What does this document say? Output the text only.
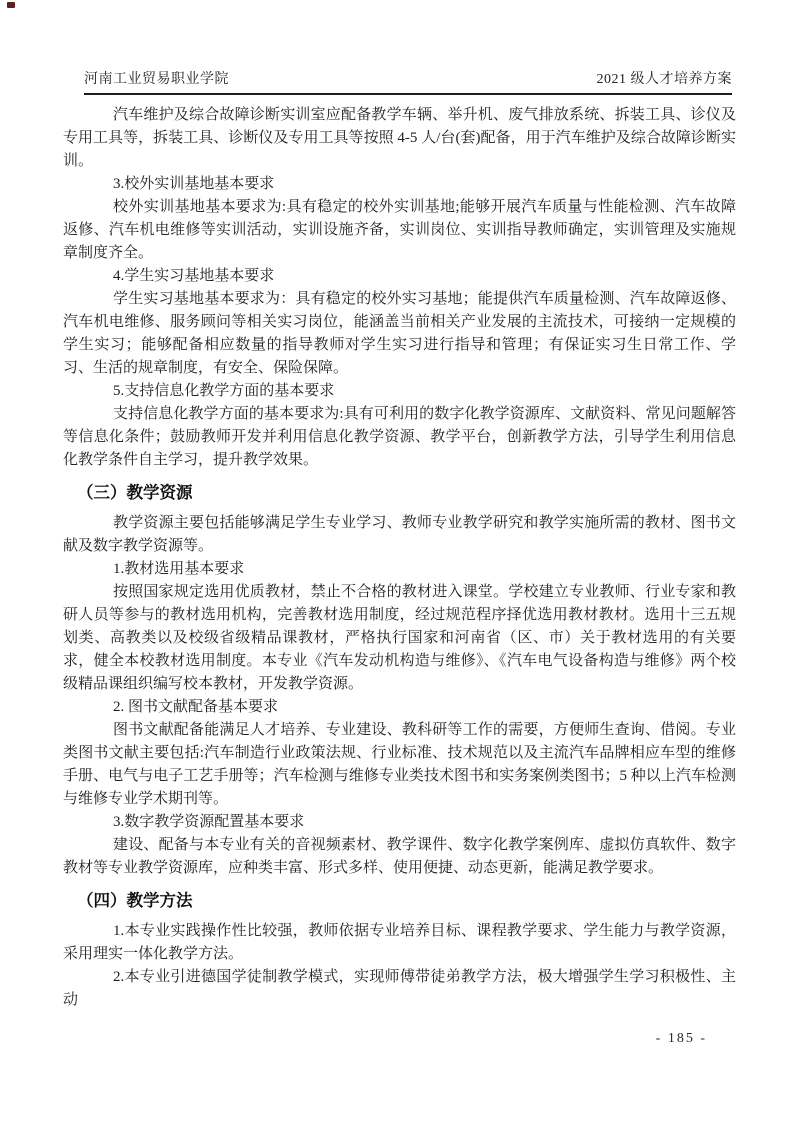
河南工业贸易职业学院	2021 级人才培养方案

汽车维护及综合故障诊断实训室应配备教学车辆、举升机、废气排放系统、拆装工具、诊仪及专用工具等，拆装工具、诊断仪及专用工具等按照 4-5 人/台(套)配备，用于汽车维护及综合故障诊断实训。

3.校外实训基地基本要求

校外实训基地基本要求为:具有稳定的校外实训基地;能够开展汽车质量与性能检测、汽车故障返修、汽车机电维修等实训活动，实训设施齐备，实训岗位、实训指导教师确定，实训管理及实施规章制度齐全。

4.学生实习基地基本要求

学生实习基地基本要求为：具有稳定的校外实习基地；能提供汽车质量检测、汽车故障返修、汽车机电维修、服务顾问等相关实习岗位，能涵盖当前相关产业发展的主流技术，可接纳一定规模的学生实习；能够配备相应数量的指导教师对学生实习进行指导和管理；有保证实习生日常工作、学习、生活的规章制度，有安全、保险保障。

5.支持信息化教学方面的基本要求

支持信息化教学方面的基本要求为:具有可利用的数字化教学资源库、文献资料、常见问题解答等信息化条件；鼓励教师开发并利用信息化教学资源、教学平台，创新教学方法，引导学生利用信息化教学条件自主学习，提升教学效果。

（三）教学资源

教学资源主要包括能够满足学生专业学习、教师专业教学研究和教学实施所需的教材、图书文献及数字教学资源等。

1.教材选用基本要求

按照国家规定选用优质教材，禁止不合格的教材进入课堂。学校建立专业教师、行业专家和教研人员等参与的教材选用机构，完善教材选用制度，经过规范程序择优选用教材教材。选用十三五规划类、高教类以及校级省级精品课教材，严格执行国家和河南省（区、市）关于教材选用的有关要求，健全本校教材选用制度。本专业《汽车发动机构造与维修》、《汽车电气设备构造与维修》两个校级精品课组织编写校本教材，开发教学资源。

2. 图书文献配备基本要求

图书文献配备能满足人才培养、专业建设、教科研等工作的需要，方便师生查询、借阅。专业类图书文献主要包括:汽车制造行业政策法规、行业标准、技术规范以及主流汽车品牌相应车型的维修手册、电气与电子工艺手册等；汽车检测与维修专业类技术图书和实务案例类图书；5 种以上汽车检测与维修专业学术期刊等。

3.数字教学资源配置基本要求

建设、配备与本专业有关的音视频素材、教学课件、数字化教学案例库、虚拟仿真软件、数字教材等专业教学资源库，应种类丰富、形式多样、使用便捷、动态更新，能满足教学要求。

（四）教学方法

1.本专业实践操作性比较强，教师依据专业培养目标、课程教学要求、学生能力与教学资源，采用理实一体化教学方法。

2.本专业引进德国学徒制教学模式，实现师傅带徒弟教学方法，极大增强学生学习积极性、主动

- 185 -
